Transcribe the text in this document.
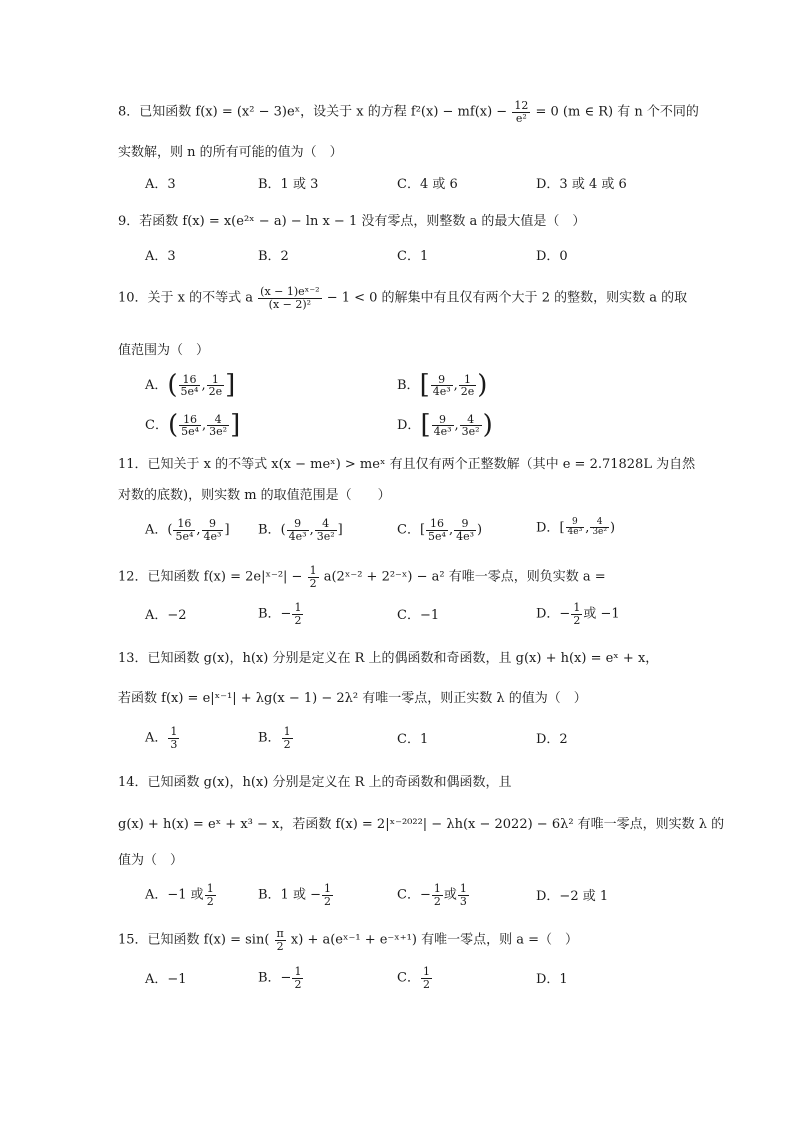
8．已知函数 f(x) = (x² − 3)eˣ，设关于 x 的方程 $f^2(x) - mf(x) - \frac{12}{\text{e²}} = 0$ (m ∈ R) 有 n 个不同的
实数解，则 n 的所有可能的值为（　）
A．3	B．1 或 3	C．4 或 6	D．3 或 4 或 6
9．若函数 f(x) = x(e²ˣ − a) − ln x − 1 没有零点，则整数 a 的最大值是（　）
A．3	B．2	C．1	D．0
10．关于 x 的不等式 a $\frac{\text{(x − 1)eˣ⁻²}}{\text{(x − 2)²}} - 1 < 0$ 的解集中有且仅有两个大于 2 的整数，则实数 a 的取
值范围为（　）
A．( $\frac{16}{\text{5e⁴}}$ , $\frac{1}{2e}$ ]	B．[ $\frac{9}{\text{4e³}}$ , $\frac{1}{2e}$ )
C．( $\frac{16}{\text{5e⁴}}$ , $\frac{4}{\text{3e²}}$ ]	D．[ $\frac{9}{\text{4e³}}$ , $\frac{4}{\text{3e²}}$ )
11．已知关于 x 的不等式 x(x − meˣ) > meˣ 有且仅有两个正整数解（其中 e = 2.71828L 为自然
对数的底数)，则实数 m 的取值范围是（　　）
A．( $\frac{16}{\text{5e⁴}}$ , $\frac{9}{\text{4e³}}$ ] B．( $\frac{9}{\text{4e³}}$ , $\frac{4}{\text{3e²}}$ ]	C．[ $\frac{16}{\text{5e⁴}}$ , $\frac{9}{\text{4e³}}$ )	D．[ $\frac{9}{\text{4e³}}$ , $\frac{4}{\text{3e²}}$ )
12．已知函数 f(x) = 2e|ˣ⁻²| − $\frac{1}{2}$ a(2ˣ⁻² + 2²⁻ˣ) − a² 有唯一零点，则负实数 a =
A．−2	B．− $\frac{1}{2}$	C．−1	D．− $\frac{1}{2}$ 或 −1
13．已知函数 g(x)，h(x) 分别是定义在 R 上的偶函数和奇函数，且 g(x) + h(x) = eˣ + x，
若函数 f(x) = e|ˣ⁻¹| + λg(x − 1) − 2λ² 有唯一零点，则正实数 λ 的值为（　）
A． $\frac{1}{3}$	B． $\frac{1}{2}$	C．1	D．2
14．已知函数 g(x)，h(x) 分别是定义在 R 上的奇函数和偶函数，且
g(x) + h(x) = eˣ + x³ − x，若函数 f(x) = 2|ˣ⁻²⁰²²| − λh(x − 2022) − 6λ² 有唯一零点，则实数 λ 的
值为（　）
A．−1 或 $\frac{1}{2}$	B．1 或 − $\frac{1}{2}$	C．− $\frac{1}{2}$ 或 $\frac{1}{3}$	D．−2 或 1
15．已知函数 $f(x) = \sin( \frac{\pi}{2} x)$ + a(eˣ⁻¹ + e⁻ˣ⁺¹) 有唯一零点，则 a =（　）
A．−1	B．− $\frac{1}{2}$	C． $\frac{1}{2}$	D．1
